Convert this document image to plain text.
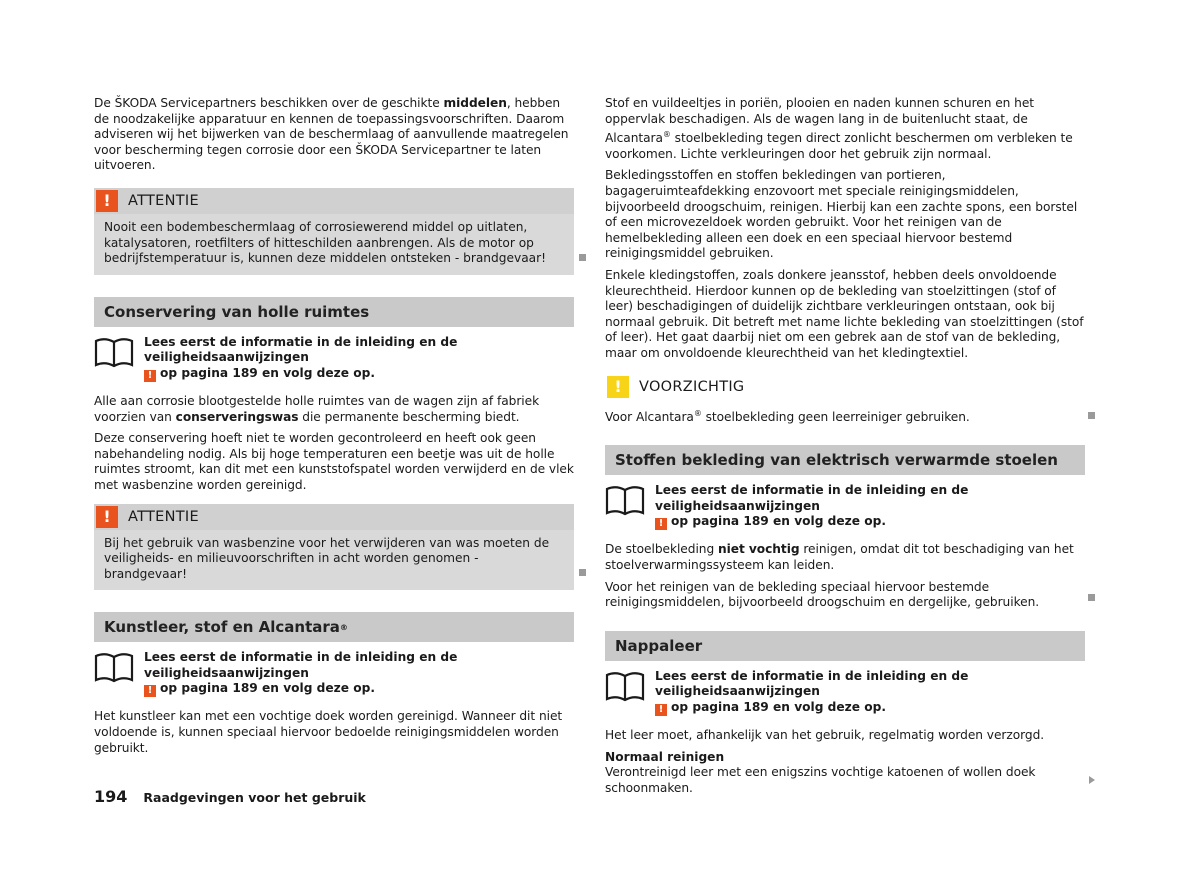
De ŠKODA Servicepartners beschikken over de geschikte middelen, hebben de noodzakelijke apparatuur en kennen de toepassingsvoorschriften. Daarom adviseren wij het bijwerken van de beschermlaag of aanvullende maatregelen voor bescherming tegen corrosie door een ŠKODA Servicepartner te laten uitvoeren.

!	ATTENTIE
Nooit een bodembeschermlaag of corrosiewerend middel op uitlaten, katalysatoren, roetfilters of hitteschilden aanbrengen. Als de motor op bedrijfstemperatuur is, kunnen deze middelen ontsteken - brandgevaar!
Conservering van holle ruimtes
Lees eerst de informatie in de inleiding en de veiligheidsaanwijzingen
! op pagina 189 en volg deze op.

Alle aan corrosie blootgestelde holle ruimtes van de wagen zijn af fabriek voorzien van conserveringswas die permanente bescherming biedt.

Deze conservering hoeft niet te worden gecontroleerd en heeft ook geen nabehandeling nodig. Als bij hoge temperaturen een beetje was uit de holle ruimtes stroomt, kan dit met een kunststofspatel worden verwijderd en de vlek met wasbenzine worden gereinigd.

!	ATTENTIE
Bij het gebruik van wasbenzine voor het verwijderen van was moeten de veiligheids- en milieuvoorschriften in acht worden genomen - brandgevaar!
Kunstleer, stof en Alcantara ®
Lees eerst de informatie in de inleiding en de veiligheidsaanwijzingen
! op pagina 189 en volg deze op.

Het kunstleer kan met een vochtige doek worden gereinigd. Wanneer dit niet voldoende is, kunnen speciaal hiervoor bedoelde reinigingsmiddelen worden gebruikt.

Stof en vuildeeltjes in poriën, plooien en naden kunnen schuren en het oppervlak beschadigen. Als de wagen lang in de buitenlucht staat, de Alcantara® stoelbekleding tegen direct zonlicht beschermen om verbleken te voorkomen. Lichte verkleuringen door het gebruik zijn normaal.

Bekledingsstoffen en stoffen bekledingen van portieren, bagageruimteafdekking enzovoort met speciale reinigingsmiddelen, bijvoorbeeld droogschuim, reinigen. Hierbij kan een zachte spons, een borstel of een microvezeldoek worden gebruikt. Voor het reinigen van de hemelbekleding alleen een doek en een speciaal hiervoor bestemd reinigingsmiddel gebruiken.

Enkele kledingstoffen, zoals donkere jeansstof, hebben deels onvoldoende kleurechtheid. Hierdoor kunnen op de bekleding van stoelzittingen (stof of leer) beschadigingen of duidelijk zichtbare verkleuringen ontstaan, ook bij normaal gebruik. Dit betreft met name lichte bekleding van stoelzittingen (stof of leer). Het gaat daarbij niet om een gebrek aan de stof van de bekleding, maar om onvoldoende kleurechtheid van het kledingtextiel.

!	VOORZICHTIG

Voor Alcantara® stoelbekleding geen leerreiniger gebruiken.

Stoffen bekleding van elektrisch verwarmde stoelen
Lees eerst de informatie in de inleiding en de veiligheidsaanwijzingen
! op pagina 189 en volg deze op.

De stoelbekleding niet vochtig reinigen, omdat dit tot beschadiging van het stoelverwarmingssysteem kan leiden.

Voor het reinigen van de bekleding speciaal hiervoor bestemde reinigingsmiddelen, bijvoorbeeld droogschuim en dergelijke, gebruiken.

Nappaleer
Lees eerst de informatie in de inleiding en de veiligheidsaanwijzingen
! op pagina 189 en volg deze op.

Het leer moet, afhankelijk van het gebruik, regelmatig worden verzorgd.

Normaal reinigen

Verontreinigd leer met een enigszins vochtige katoenen of wollen doek schoonmaken.

194 Raadgevingen voor het gebruik
